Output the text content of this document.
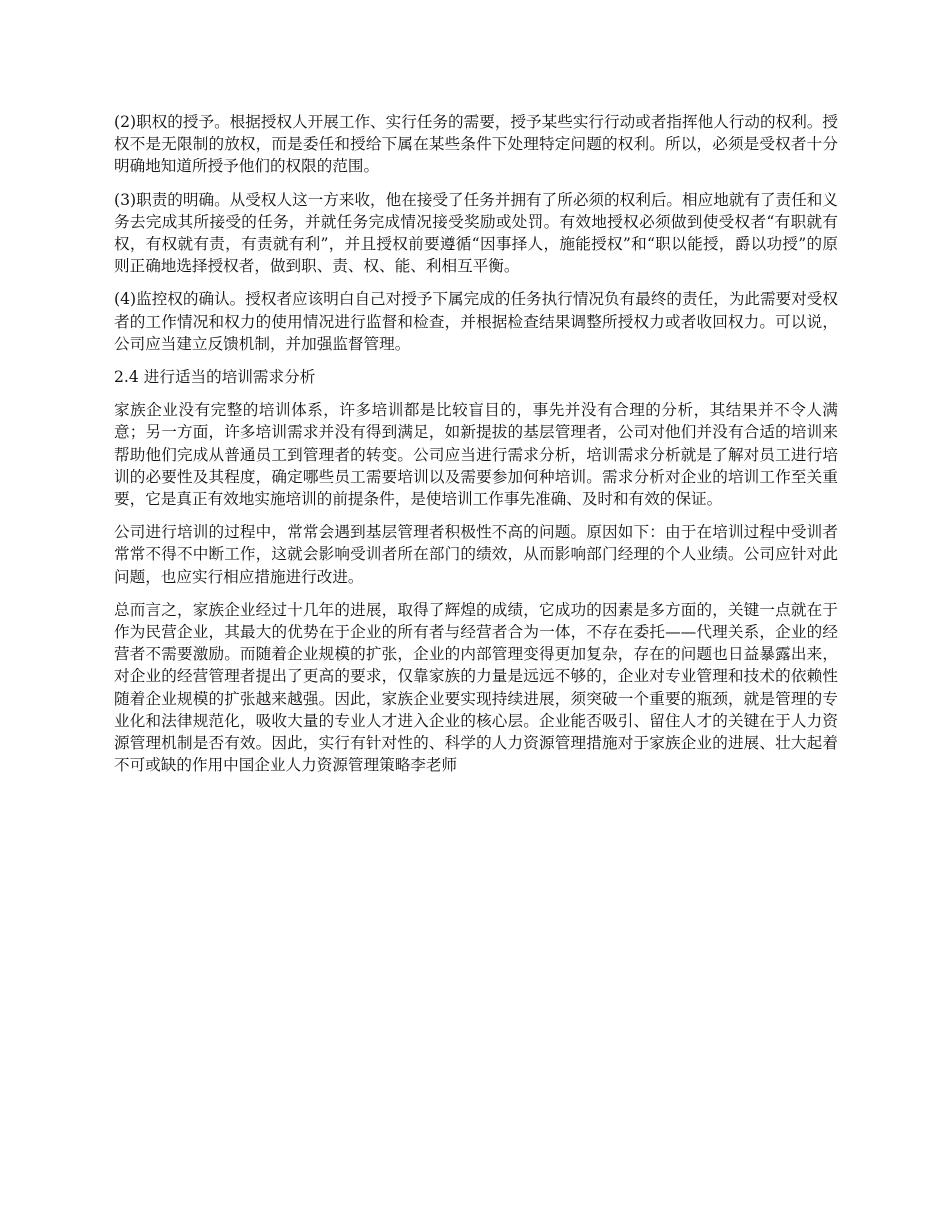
(2)职权的授予。根据授权人开展工作、实行任务的需要，授予某些实行行动或者指挥他人行动的权利。授权不是无限制的放权，而是委任和授给下属在某些条件下处理特定问题的权利。所以，必须是受权者十分明确地知道所授予他们的权限的范围。

(3)职责的明确。从受权人这一方来收，他在接受了任务并拥有了所必须的权利后。相应地就有了责任和义务去完成其所接受的任务，并就任务完成情况接受奖励或处罚。有效地授权必须做到使受权者“有职就有权，有权就有责，有责就有利”，并且授权前要遵循“因事择人，施能授权”和“职以能授，爵以功授”的原则正确地选择授权者，做到职、责、权、能、利相互平衡。

(4)监控权的确认。授权者应该明白自己对授予下属完成的任务执行情况负有最终的责任，为此需要对受权者的工作情况和权力的使用情况进行监督和检查，并根据检查结果调整所授权力或者收回权力。可以说，公司应当建立反馈机制，并加强监督管理。

2.4 进行适当的培训需求分析

家族企业没有完整的培训体系，许多培训都是比较盲目的，事先并没有合理的分析，其结果并不令人满意；另一方面，许多培训需求并没有得到满足，如新提拔的基层管理者，公司对他们并没有合适的培训来帮助他们完成从普通员工到管理者的转变。公司应当进行需求分析，培训需求分析就是了解对员工进行培训的必要性及其程度，确定哪些员工需要培训以及需要参加何种培训。需求分析对企业的培训工作至关重要，它是真正有效地实施培训的前提条件，是使培训工作事先准确、及时和有效的保证。

公司进行培训的过程中，常常会遇到基层管理者积极性不高的问题。原因如下：由于在培训过程中受训者常常不得不中断工作，这就会影响受训者所在部门的绩效，从而影响部门经理的个人业绩。公司应针对此问题，也应实行相应措施进行改进。

总而言之，家族企业经过十几年的进展，取得了辉煌的成绩，它成功的因素是多方面的，关键一点就在于作为民营企业，其最大的优势在于企业的所有者与经营者合为一体，不存在委托——代理关系，企业的经营者不需要激励。而随着企业规模的扩张，企业的内部管理变得更加复杂，存在的问题也日益暴露出来，对企业的经营管理者提出了更高的要求，仅靠家族的力量是远远不够的，企业对专业管理和技术的依赖性随着企业规模的扩张越来越强。因此，家族企业要实现持续进展，须突破一个重要的瓶颈，就是管理的专业化和法律规范化，吸收大量的专业人才进入企业的核心层。企业能否吸引、留住人才的关键在于人力资源管理机制是否有效。因此，实行有针对性的、科学的人力资源管理措施对于家族企业的进展、壮大起着不可或缺的作用中国企业人力资源管理策略李老师
